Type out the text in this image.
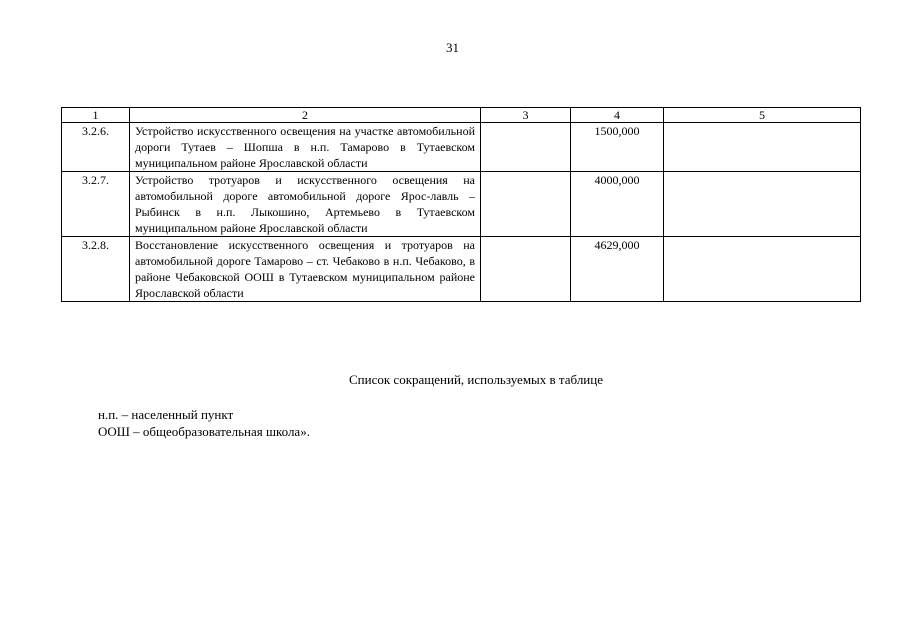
31
1	2	3	4	5
3.2.6.	Устройство искусственного освещения на участке автомобильной дороги Тутаев – Шопша в н.п. Тамарово в Тутаевском муниципальном районе Ярославской области		1500,000	
3.2.7.	Устройство тротуаров и искусственного освещения на автомобильной дороге автомобильной дороге Ярос-лавль – Рыбинск в н.п. Лыкошино, Артемьево в Тутаевском муниципальном районе Ярославской области		4000,000	
3.2.8.	Восстановление искусственного освещения и тротуаров на автомобильной дороге Тамарово – ст. Чебаково в н.п. Чебаково, в районе Чебаковской ООШ в Тутаевском муниципальном районе Ярославской области		4629,000	
Список сокращений, используемых в таблице
н.п. – населенный пункт
ООШ – общеобразовательная школа».
